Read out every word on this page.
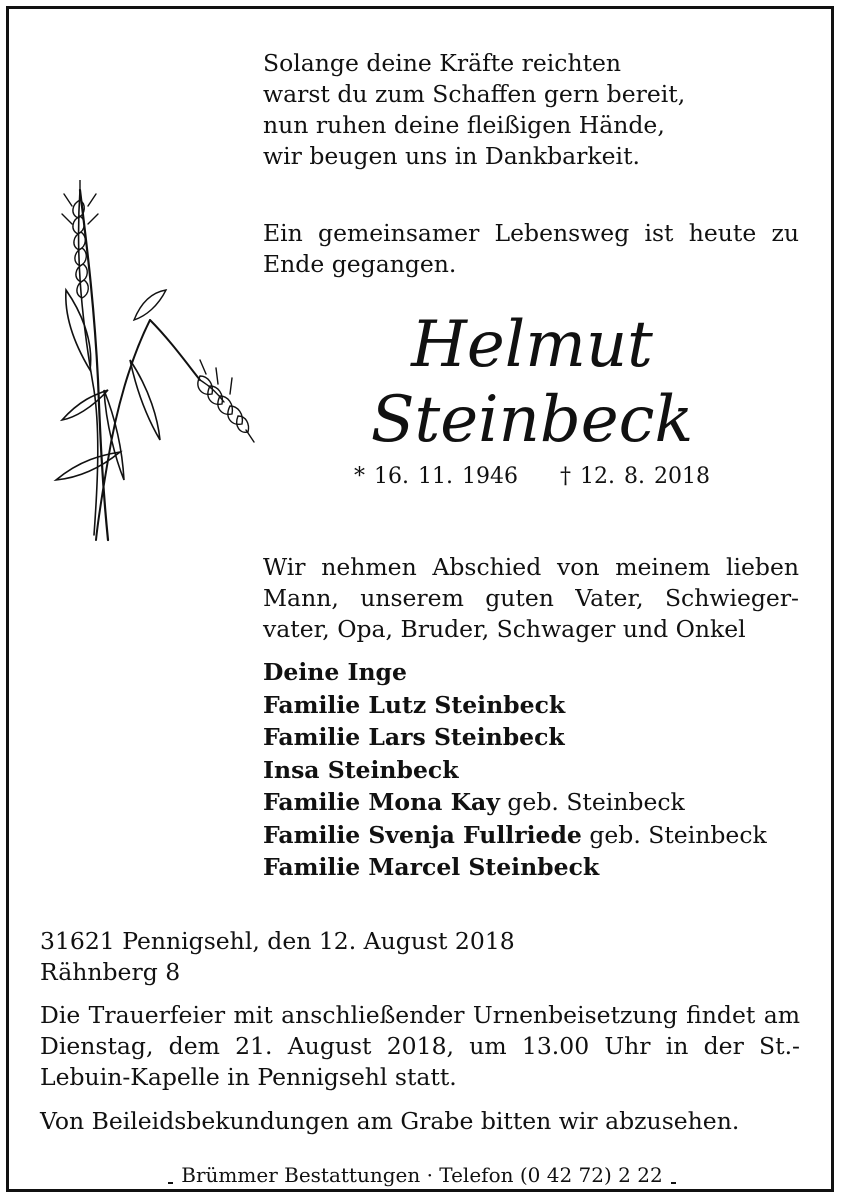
Solange deine Kräfte reichten

warst du zum Schaffen gern bereit,

nun ruhen deine fleißigen Hände,

wir beugen uns in Dankbarkeit.

Ein gemeinsamer Lebensweg ist heute zu Ende gegangen.

Helmut
Steinbeck
* 16. 11. 1946 † 12. 8. 2018

Wir nehmen Abschied von meinem lieben Mann, unserem guten Vater, Schwieger-vater, Opa, Bruder, Schwager und Onkel

Deine Inge
Familie Lutz Steinbeck
Familie Lars Steinbeck
Insa Steinbeck
Familie Mona Kay geb. Steinbeck
Familie Svenja Fullriede geb. Steinbeck
Familie Marcel Steinbeck

31621 Pennigsehl, den 12. August 2018

Rähnberg 8

Die Trauerfeier mit anschließender Urnenbeisetzung findet am Dienstag, dem 21. August 2018, um 13.00 Uhr in der St.-Lebuin-Kapelle in Pennigsehl statt.

Von Beileidsbekundungen am Grabe bitten wir abzusehen.

Brümmer Bestattungen · Telefon (0 42 72) 2 22
